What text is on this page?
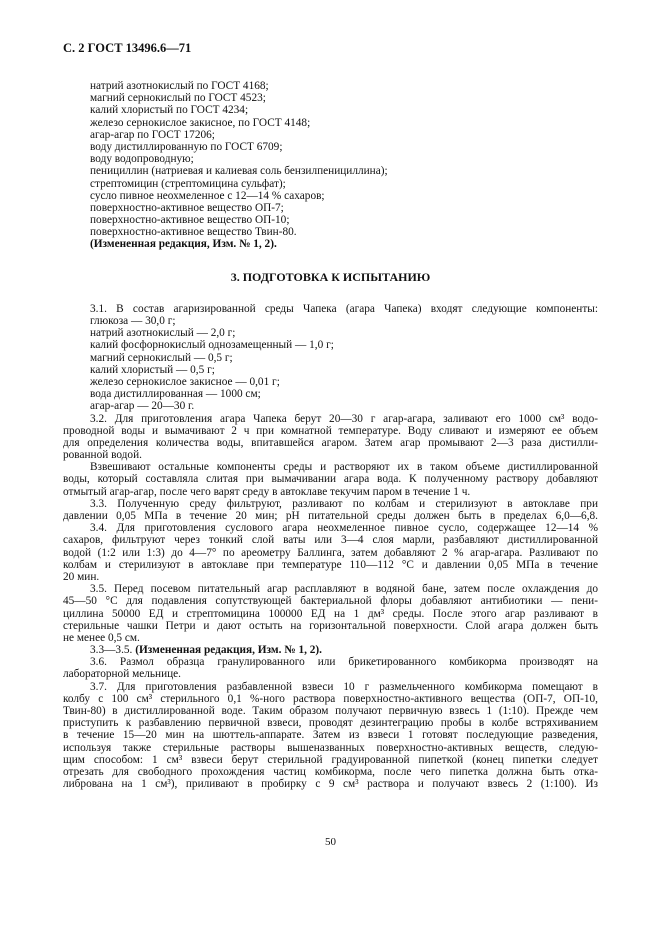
С. 2 ГОСТ 13496.6—71
натрий азотнокислый по ГОСТ 4168;
магний сернокислый по ГОСТ 4523;
калий хлористый по ГОСТ 4234;
железо сернокислое закисное, по ГОСТ 4148;
агар-агар по ГОСТ 17206;
воду дистиллированную по ГОСТ 6709;
воду водопроводную;
пенициллин (натриевая и калиевая соль бензилпенициллина);
стрептомицин (стрептомицина сульфат);
сусло пивное неохмеленное с 12—14 % сахаров;
поверхностно-активное вещество ОП-7;
поверхностно-активное вещество ОП-10;
поверхностно-активное вещество Твин-80.
(Измененная редакция, Изм. № 1, 2).
3. ПОДГОТОВКА К ИСПЫТАНИЮ
3.1. В состав агаризированной среды Чапека (агара Чапека) входят следующие компоненты:
глюкоза — 30,0 г;
натрий азотнокислый — 2,0 г;
калий фосфорнокислый однозамещенный — 1,0 г;
магний сернокислый — 0,5 г;
калий хлористый — 0,5 г;
железо сернокислое закисное — 0,01 г;
вода дистиллированная — 1000 см;
агар-агар — 20—30 г.
3.2. Для приготовления агара Чапека берут 20—30 г агар-агара, заливают его 1000 см³ водо-
проводной воды и вымачивают 2 ч при комнатной температуре. Воду сливают и измеряют ее объем
для определения количества воды, впитавшейся агаром. Затем агар промывают 2—3 раза дистилли-
рованной водой.
Взвешивают остальные компоненты среды и растворяют их в таком объеме дистиллированной
воды, который составляла слитая при вымачивании агара вода. К полученному раствору добавляют
отмытый агар-агар, после чего варят среду в автоклаве текучим паром в течение 1 ч.
3.3. Полученную среду фильтруют, разливают по колбам и стерилизуют в автоклаве при
давлении 0,05 МПа в течение 20 мин; pH питательной среды должен быть в пределах 6,0—6,8.
3.4. Для приготовления суслового агара неохмеленное пивное сусло, содержащее 12—14 %
сахаров, фильтруют через тонкий слой ваты или 3—4 слоя марли, разбавляют дистиллированной
водой (1:2 или 1:3) до 4—7° по ареометру Баллинга, затем добавляют 2 % агар-агара. Разливают по
колбам и стерилизуют в автоклаве при температуре 110—112 °С и давлении 0,05 МПа в течение
20 мин.
3.5. Перед посевом питательный агар расплавляют в водяной бане, затем после охлаждения до
45—50 °С для подавления сопутствующей бактериальной флоры добавляют антибиотики — пени-
циллина 50000 ЕД и стрептомицина 100000 ЕД на 1 дм³ среды. После этого агар разливают в
стерильные чашки Петри и дают остыть на горизонтальной поверхности. Слой агара должен быть
не менее 0,5 см.
3.3—3.5. (Измененная редакция, Изм. № 1, 2).
3.6. Размол образца гранулированного или брикетированного комбикорма производят на
лабораторной мельнице.
3.7. Для приготовления разбавленной взвеси 10 г размельченного комбикорма помещают в
колбу с 100 см³ стерильного 0,1 %-ного раствора поверхностно-активного вещества (ОП-7, ОП-10,
Твин-80) в дистиллированной воде. Таким образом получают первичную взвесь 1 (1:10). Прежде чем
приступить к разбавлению первичной взвеси, проводят дезинтеграцию пробы в колбе встряхиванием
в течение 15—20 мин на шюттель-аппарате. Затем из взвеси 1 готовят последующие разведения,
используя также стерильные растворы вышеназванных поверхностно-активных веществ, следую-
щим способом: 1 см³ взвеси берут стерильной градуированной пипеткой (конец пипетки следует
отрезать для свободного прохождения частиц комбикорма, после чего пипетка должна быть отка-
либрована на 1 см³), приливают в пробирку с 9 см³ раствора и получают взвесь 2 (1:100). Из
50
